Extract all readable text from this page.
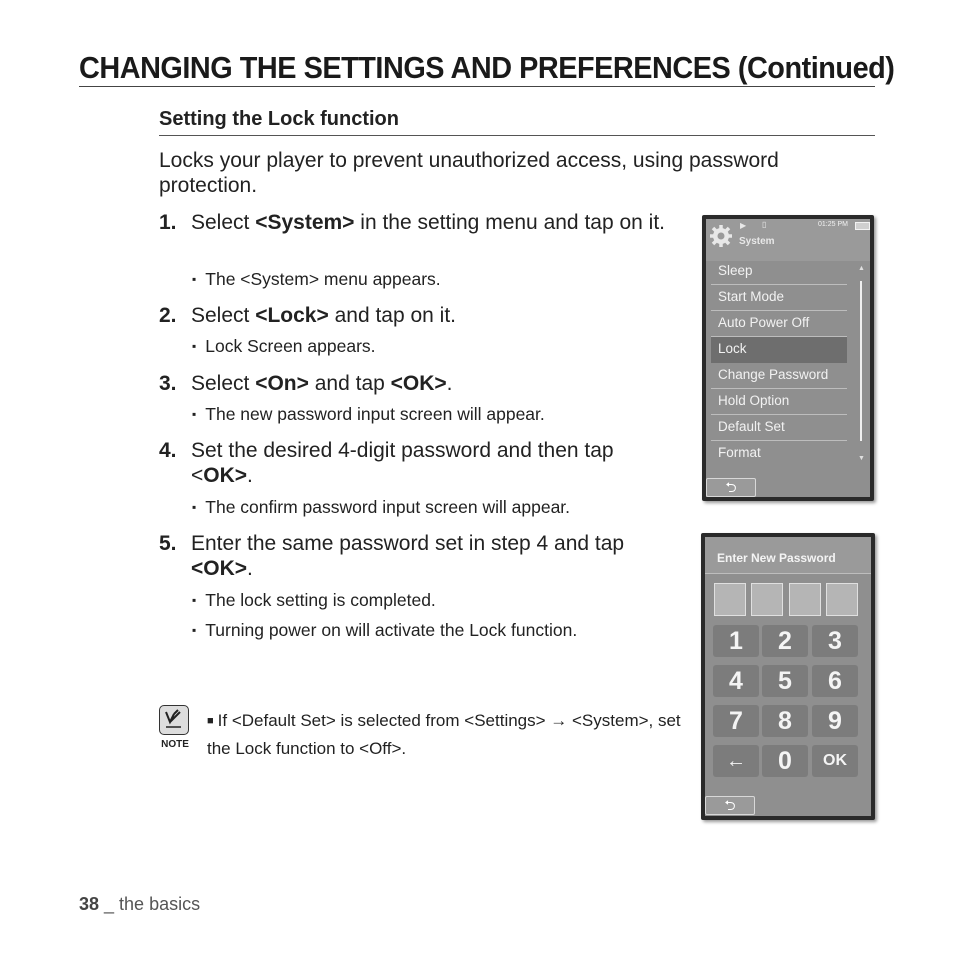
CHANGING THE SETTINGS AND PREFERENCES (Continued)
Setting the Lock function
Locks your player to prevent unauthorized access, using password protection.
1. Select <System> in the setting menu and tap on it.
▪ The <System> menu appears.
2. Select <Lock> and tap on it.
▪ Lock Screen appears.
3. Select <On> and tap <OK>.
▪ The new password input screen will appear.
4. Set the desired 4-digit password and then tap <OK>.
▪ The confirm password input screen will appear.
5. Enter the same password set in step 4 and tap <OK>.
▪ The lock setting is completed.
▪ Turning power on will activate the Lock function.
NOTE
■ If <Default Set> is selected from <Settings> → <System>, set the Lock function to <Off>.
38 _ the basics
▶ ▯	01:25 PM
System
Sleep
Start Mode
Auto Power Off
Lock
Change Password
Hold Option
Default Set
Format
▲
▼
⮌
Enter New Password
1	2	3
4	5	6
7	8	9
←	0	OK
⮌
